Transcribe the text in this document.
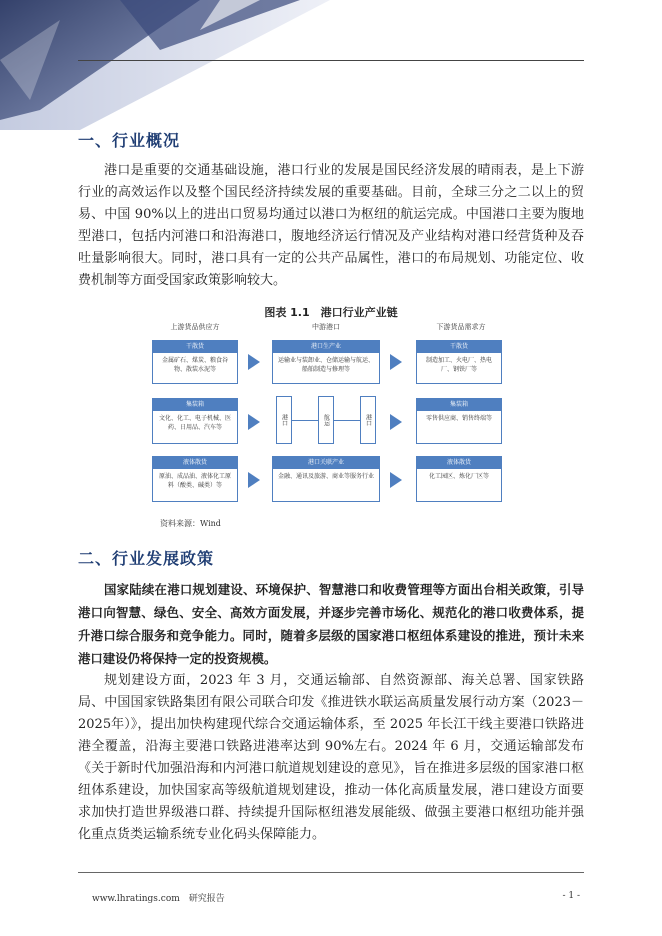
一、行业概况

港口是重要的交通基础设施，港口行业的发展是国民经济发展的晴雨表，是上下游行业的高效运作以及整个国民经济持续发展的重要基础。目前，全球三分之二以上的贸易、中国 90%以上的进出口贸易均通过以港口为枢纽的航运完成。中国港口主要为腹地型港口，包括内河港口和沿海港口，腹地经济运行情况及产业结构对港口经营货种及吞吐量影响很大。同时，港口具有一定的公共产品属性，港口的布局规划、功能定位、收费机制等方面受国家政策影响较大。

图表 1.1　港口行业产业链
上游货品供应方	中游港口	下游货品需求方
干散货
金属矿石、煤炭、粮食谷物、散装水泥等
集装箱
文化、化工、电子机械、医药、日用品、汽车等
液体散货
原油、成品油、液体化工原料（酸类、碱类）等
港口生产业
运输业与装卸业、仓储运输与航运、船舶制造与修理等
港口	航运	港口
港口关联产业
金融、通讯及旅游、商业等服务行业
干散货
制造加工、火电厂、热电厂、钢铁厂等
集装箱
零售供应商、销售终端等
液体散货
化工园区、炼化厂区等
资料来源：Wind
二、行业发展政策

国家陆续在港口规划建设、环境保护、智慧港口和收费管理等方面出台相关政策，引导港口向智慧、绿色、安全、高效方面发展，并逐步完善市场化、规范化的港口收费体系，提升港口综合服务和竞争能力。同时，随着多层级的国家港口枢纽体系建设的推进，预计未来港口建设仍将保持一定的投资规模。

规划建设方面，2023 年 3 月，交通运输部、自然资源部、海关总署、国家铁路局、中国国家铁路集团有限公司联合印发《推进铁水联运高质量发展行动方案（2023－2025年）》，提出加快构建现代综合交通运输体系，至 2025 年长江干线主要港口铁路进港全覆盖，沿海主要港口铁路进港率达到 90%左右。2024 年 6 月，交通运输部发布《关于新时代加强沿海和内河港口航道规划建设的意见》，旨在推进多层级的国家港口枢纽体系建设，加快国家高等级航道规划建设，推动一体化高质量发展，港口建设方面要求加快打造世界级港口群、持续提升国际枢纽港发展能级、做强主要港口枢纽功能并强化重点货类运输系统专业化码头保障能力。

www.lhratings.com　研究报告	- 1 -
